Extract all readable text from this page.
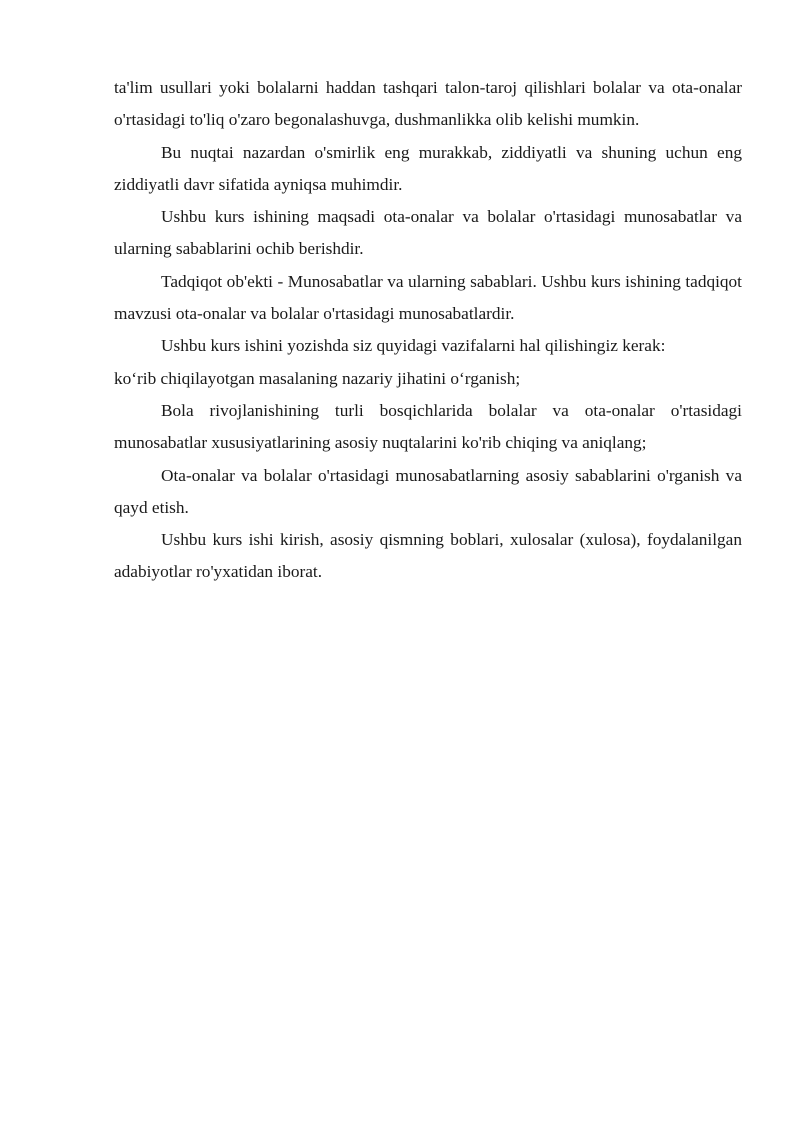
ta'lim usullari yoki bolalarni haddan tashqari talon-taroj qilishlari bolalar va ota-onalar o'rtasidagi to'liq o'zaro begonalashuvga, dushmanlikka olib kelishi mumkin.

Bu nuqtai nazardan o'smirlik eng murakkab, ziddiyatli va shuning uchun eng ziddiyatli davr sifatida ayniqsa muhimdir.

Ushbu kurs ishining maqsadi ota-onalar va bolalar o'rtasidagi munosabatlar va ularning sabablarini ochib berishdir.

Tadqiqot ob'ekti - Munosabatlar va ularning sabablari. Ushbu kurs ishining tadqiqot mavzusi ota-onalar va bolalar o'rtasidagi munosabatlardir.

Ushbu kurs ishini yozishda siz quyidagi vazifalarni hal qilishingiz kerak:

ko‘rib chiqilayotgan masalaning nazariy jihatini o‘rganish;

Bola rivojlanishining turli bosqichlarida bolalar va ota-onalar o'rtasidagi munosabatlar xususiyatlarining asosiy nuqtalarini ko'rib chiqing va aniqlang;

Ota-onalar va bolalar o'rtasidagi munosabatlarning asosiy sabablarini o'rganish va qayd etish.

Ushbu kurs ishi kirish, asosiy qismning boblari, xulosalar (xulosa), foydalanilgan adabiyotlar ro'yxatidan iborat.
